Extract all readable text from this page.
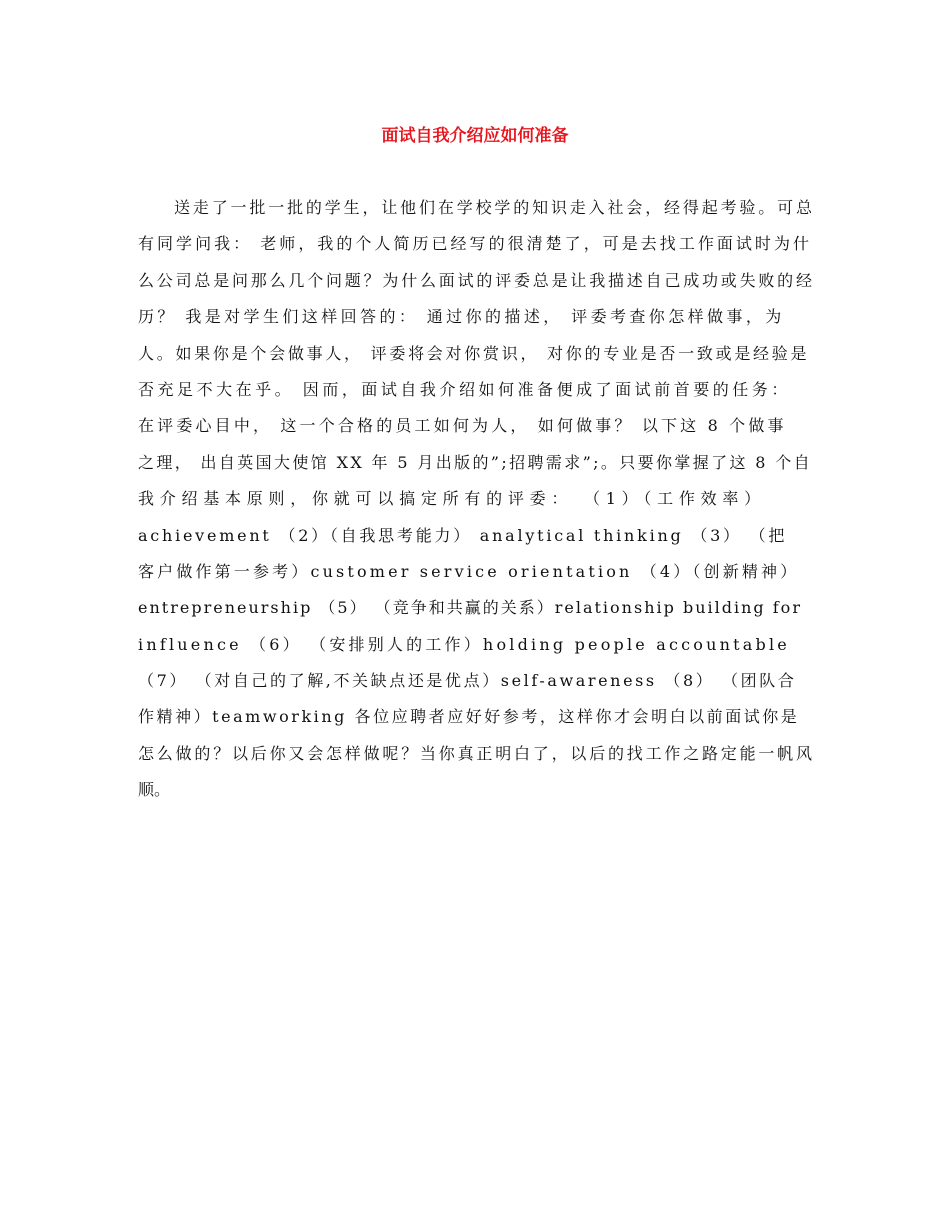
面试自我介绍应如何准备
送走了一批一批的学生，让他们在学校学的知识走入社会，经得起考验。可总
有同学问我： 老师，我的个人简历已经写的很清楚了，可是去找工作面试时为什
么公司总是问那么几个问题？为什么面试的评委总是让我描述自己成功或失败的经
历？ 我是对学生们这样回答的： 通过你的描述， 评委考查你怎样做事，为
人。如果你是个会做事人， 评委将会对你赏识， 对你的专业是否一致或是经验是
否充足不大在乎。 因而，面试自我介绍如何准备便成了面试前首要的任务：
在评委心目中， 这一个合格的员工如何为人， 如何做事？ 以下这 8 个做事
之理， 出自英国大使馆 XX 年 5 月出版的”;招聘需求”;。只要你掌握了这 8 个自
我介绍基本原则，你就可以搞定所有的评委： （1）（工作效率）
achievement （2）（自我思考能力） analytical thinking （3） （把
客户做作第一参考）customer service orientation （4）（创新精神）
entrepreneurship （5） （竞争和共赢的关系）relationship building for
influence （6） （安排别人的工作）holding people accountable
（7） （对自己的了解,不关缺点还是优点）self-awareness （8） （团队合
作精神）teamworking 各位应聘者应好好参考，这样你才会明白以前面试你是
怎么做的？以后你又会怎样做呢？当你真正明白了，以后的找工作之路定能一帆风
顺。
